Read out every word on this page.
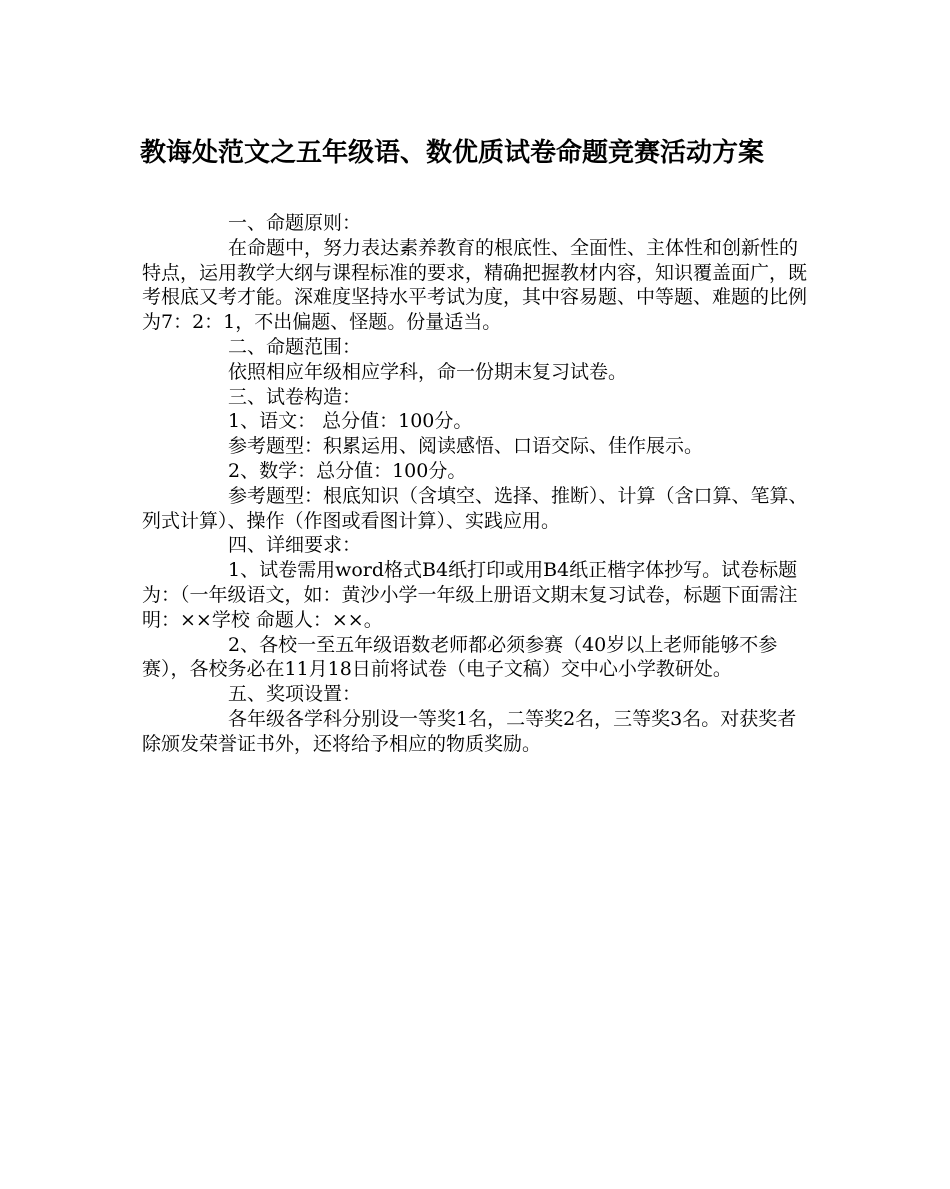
教诲处范文之五年级语、数优质试卷命题竞赛活动方案

一、命题原则：

在命题中，努力表达素养教育的根底性、全面性、主体性和创新性的特点，运用教学大纲与课程标准的要求，精确把握教材内容，知识覆盖面广，既考根底又考才能。深难度坚持水平考试为度，其中容易题、中等题、难题的比例为7：2：1，不出偏题、怪题。份量适当。

二、命题范围：

依照相应年级相应学科，命一份期末复习试卷。

三、试卷构造：

1、语文： 总分值：100分。

参考题型：积累运用、阅读感悟、口语交际、佳作展示。

2、数学：总分值：100分。

参考题型：根底知识（含填空、选择、推断）、计算（含口算、笔算、列式计算）、操作（作图或看图计算）、实践应用。

四、详细要求：

1、试卷需用word格式B4纸打印或用B4纸正楷字体抄写。试卷标题为：（一年级语文，如：黄沙小学一年级上册语文期末复习试卷，标题下面需注明：××学校 命题人：××。

2、各校一至五年级语数老师都必须参赛（40岁以上老师能够不参赛），各校务必在11月18日前将试卷（电子文稿）交中心小学教研处。

五、奖项设置：

各年级各学科分别设一等奖1名，二等奖2名，三等奖3名。对获奖者除颁发荣誉证书外，还将给予相应的物质奖励。
